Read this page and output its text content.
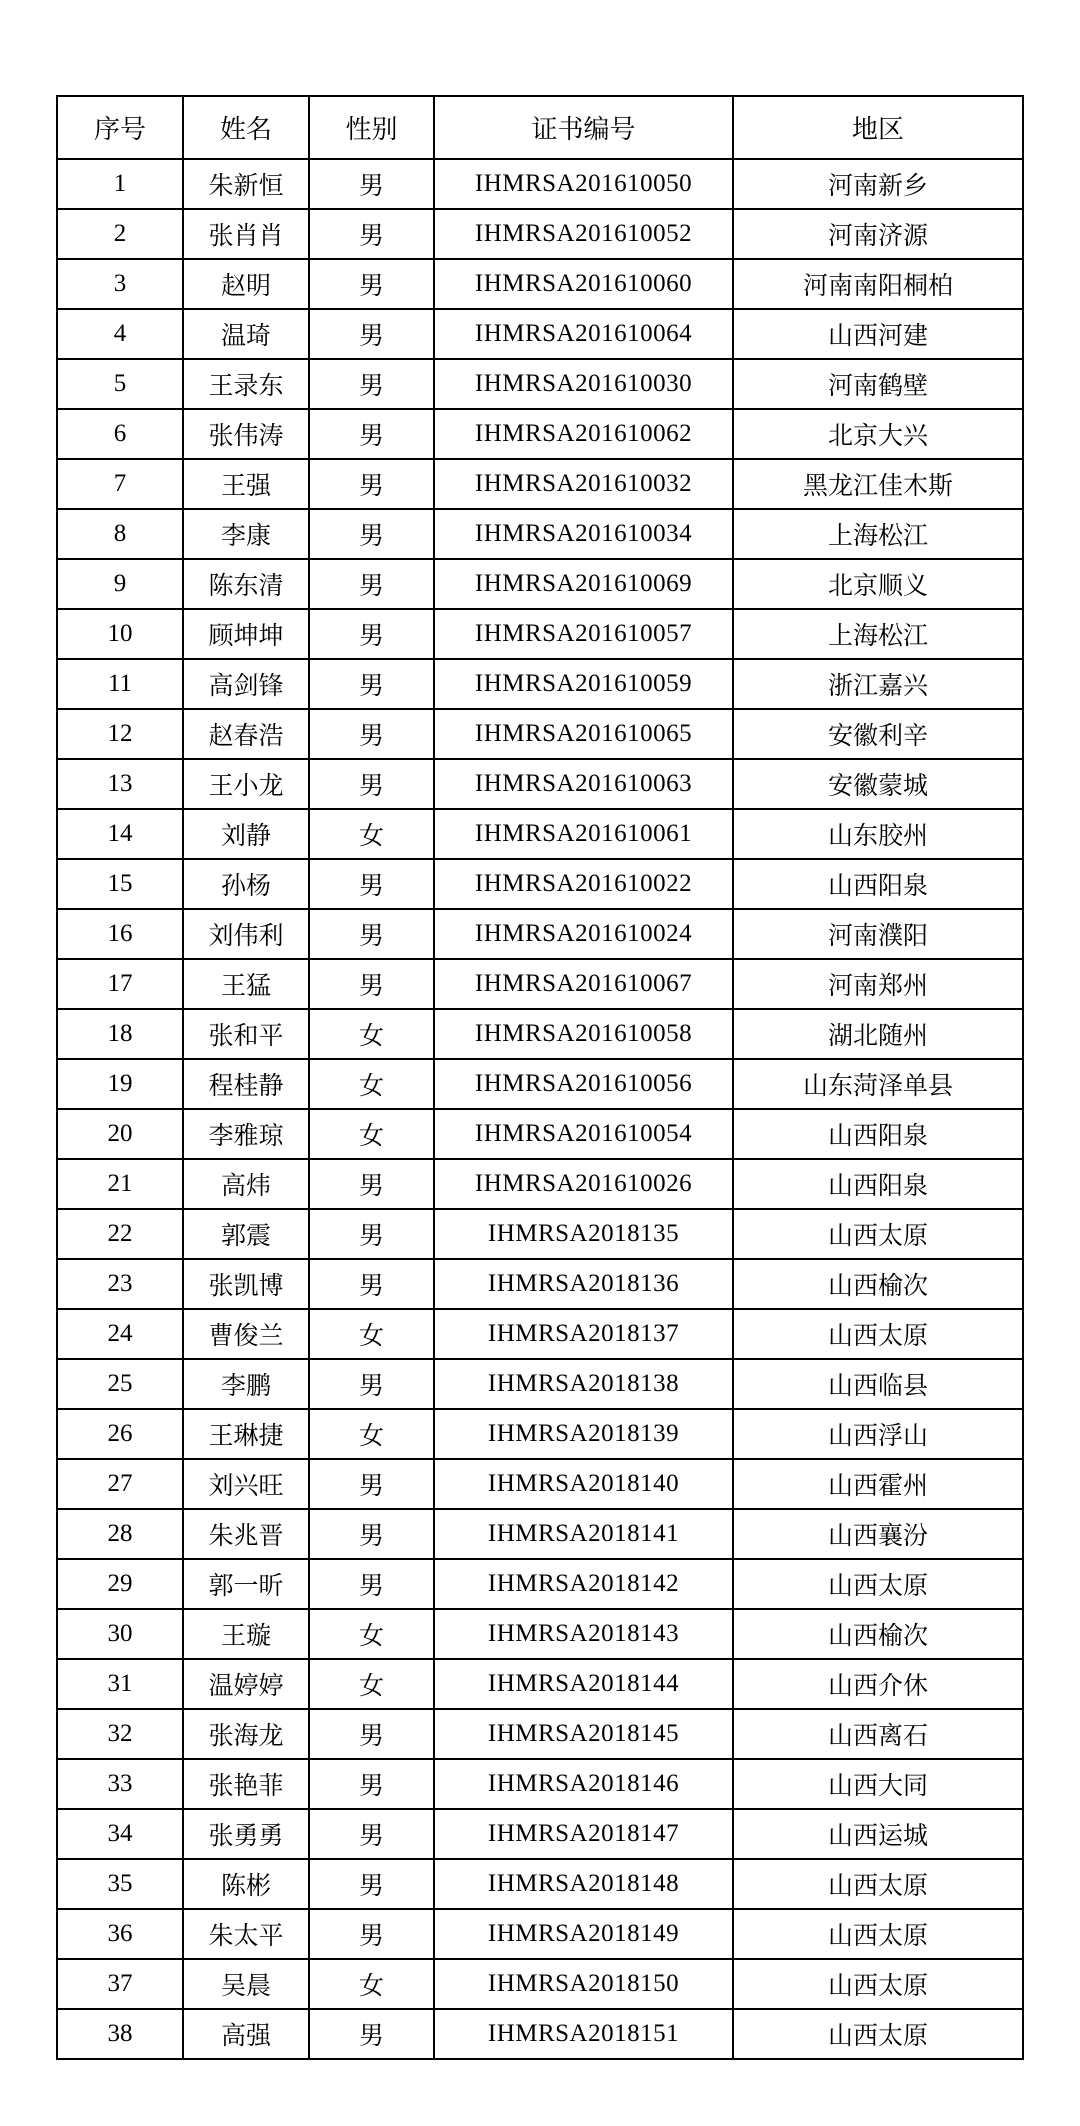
序号	姓名	性别	证书编号	地区
1	朱新恒	男	IHMRSA201610050	河南新乡
2	张肖肖	男	IHMRSA201610052	河南济源
3	赵明	男	IHMRSA201610060	河南南阳桐柏
4	温琦	男	IHMRSA201610064	山西河建
5	王录东	男	IHMRSA201610030	河南鹤壁
6	张伟涛	男	IHMRSA201610062	北京大兴
7	王强	男	IHMRSA201610032	黑龙江佳木斯
8	李康	男	IHMRSA201610034	上海松江
9	陈东清	男	IHMRSA201610069	北京顺义
10	顾坤坤	男	IHMRSA201610057	上海松江
11	高剑锋	男	IHMRSA201610059	浙江嘉兴
12	赵春浩	男	IHMRSA201610065	安徽利辛
13	王小龙	男	IHMRSA201610063	安徽蒙城
14	刘静	女	IHMRSA201610061	山东胶州
15	孙杨	男	IHMRSA201610022	山西阳泉
16	刘伟利	男	IHMRSA201610024	河南濮阳
17	王猛	男	IHMRSA201610067	河南郑州
18	张和平	女	IHMRSA201610058	湖北随州
19	程桂静	女	IHMRSA201610056	山东菏泽单县
20	李雅琼	女	IHMRSA201610054	山西阳泉
21	高炜	男	IHMRSA201610026	山西阳泉
22	郭震	男	IHMRSA2018135	山西太原
23	张凯博	男	IHMRSA2018136	山西榆次
24	曹俊兰	女	IHMRSA2018137	山西太原
25	李鹏	男	IHMRSA2018138	山西临县
26	王琳捷	女	IHMRSA2018139	山西浮山
27	刘兴旺	男	IHMRSA2018140	山西霍州
28	朱兆晋	男	IHMRSA2018141	山西襄汾
29	郭一昕	男	IHMRSA2018142	山西太原
30	王璇	女	IHMRSA2018143	山西榆次
31	温婷婷	女	IHMRSA2018144	山西介休
32	张海龙	男	IHMRSA2018145	山西离石
33	张艳菲	男	IHMRSA2018146	山西大同
34	张勇勇	男	IHMRSA2018147	山西运城
35	陈彬	男	IHMRSA2018148	山西太原
36	朱太平	男	IHMRSA2018149	山西太原
37	吴晨	女	IHMRSA2018150	山西太原
38	高强	男	IHMRSA2018151	山西太原
